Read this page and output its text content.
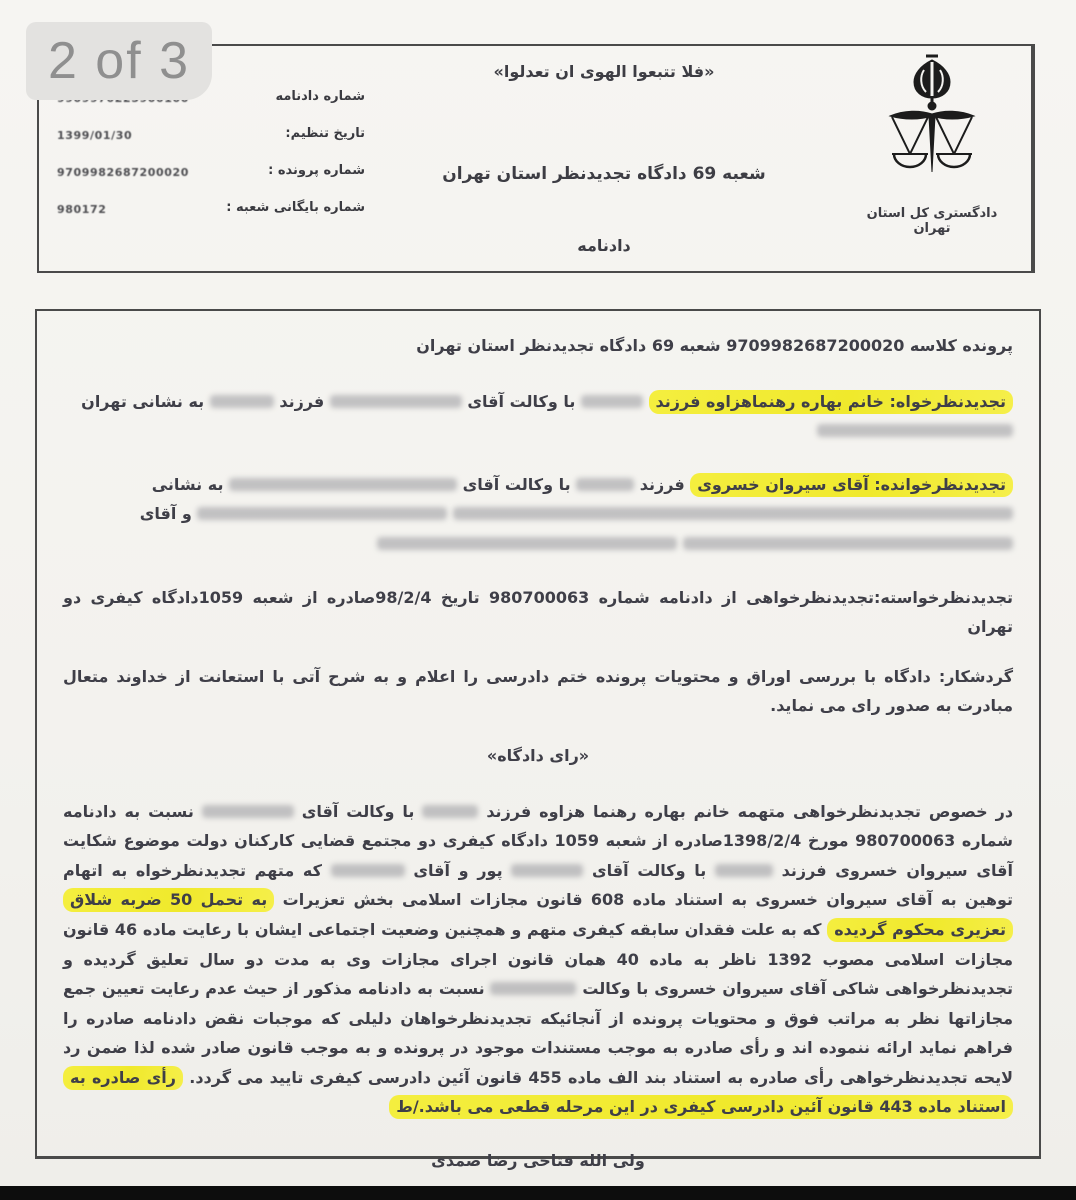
2 of 3
شماره دادنامه
1399/01/30	تاریخ تنظیم:
9709982687200020	شماره پرونده :
980172	شماره بایگانی شعبه :
«فلا تتبعوا الهوی ان تعدلوا»
شعبه 69 دادگاه تجدیدنظر استان تهران
دادنامه
دادگستری کل استان
تهران
پرونده کلاسه 9709982687200020 شعبه 69 دادگاه تجدیدنظر استان تهران
تجدیدنظرخواه: خانم بهاره رهنماهزاوه فرزند  با وکالت آقای  فرزند  به نشانی تهران

تجدیدنظرخوانده: آقای سیروان خسروی فرزند  با وکالت آقای  به نشانی
و آقای

تجدیدنظرخواسته:تجدیدنظرخواهی از دادنامه شماره 980700063 تاریخ 98/2/4صادره از شعبه 1059دادگاه کیفری دو تهران
گردشکار: دادگاه با بررسی اوراق و محتویات پرونده ختم دادرسی را اعلام و به شرح آتی با استعانت از خداوند متعال مبادرت به صدور رای می نماید.
«رای دادگاه»
در خصوص تجدیدنظرخواهی متهمه خانم بهاره رهنما هزاوه فرزند  با وکالت آقای  نسبت به دادنامه شماره 980700063 مورخ 1398/2/4صادره از شعبه 1059 دادگاه کیفری دو مجتمع قضایی کارکنان دولت موضوع شکایت آقای سیروان خسروی فرزند  با وکالت آقای  پور و آقای  که متهم تجدیدنظرخواه به اتهام توهین به آقای سیروان خسروی به استناد ماده 608 قانون مجازات اسلامی بخش تعزیرات به تحمل 50 ضربه شلاق تعزیری محکوم گردیده که به علت فقدان سابقه کیفری متهم و همچنین وضعیت اجتماعی ایشان با رعایت ماده 46 قانون مجازات اسلامی مصوب 1392 ناظر به ماده 40 همان قانون اجرای مجازات وی به مدت دو سال تعلیق گردیده و تجدیدنظرخواهی شاکی آقای سیروان خسروی با وکالت  نسبت به دادنامه مذکور از حیث عدم رعایت تعیین جمع مجازاتها نظر به مراتب فوق و محتویات پرونده از آنجائیکه تجدیدنظرخواهان دلیلی که موجبات نقض دادنامه صادره را فراهم نماید ارائه ننموده اند و رأی صادره به موجب مستندات موجود در پرونده و به موجب قانون صادر شده لذا ضمن رد لایحه تجدیدنظرخواهی رأی صادره به استناد بند الف ماده 455 قانون آئین دادرسی کیفری تایید می گردد. رأی صادره به استناد ماده 443 قانون آئین دادرسی کیفری در این مرحله قطعی می باشد./ط
ولی الله فتاحی رضا صمدی
